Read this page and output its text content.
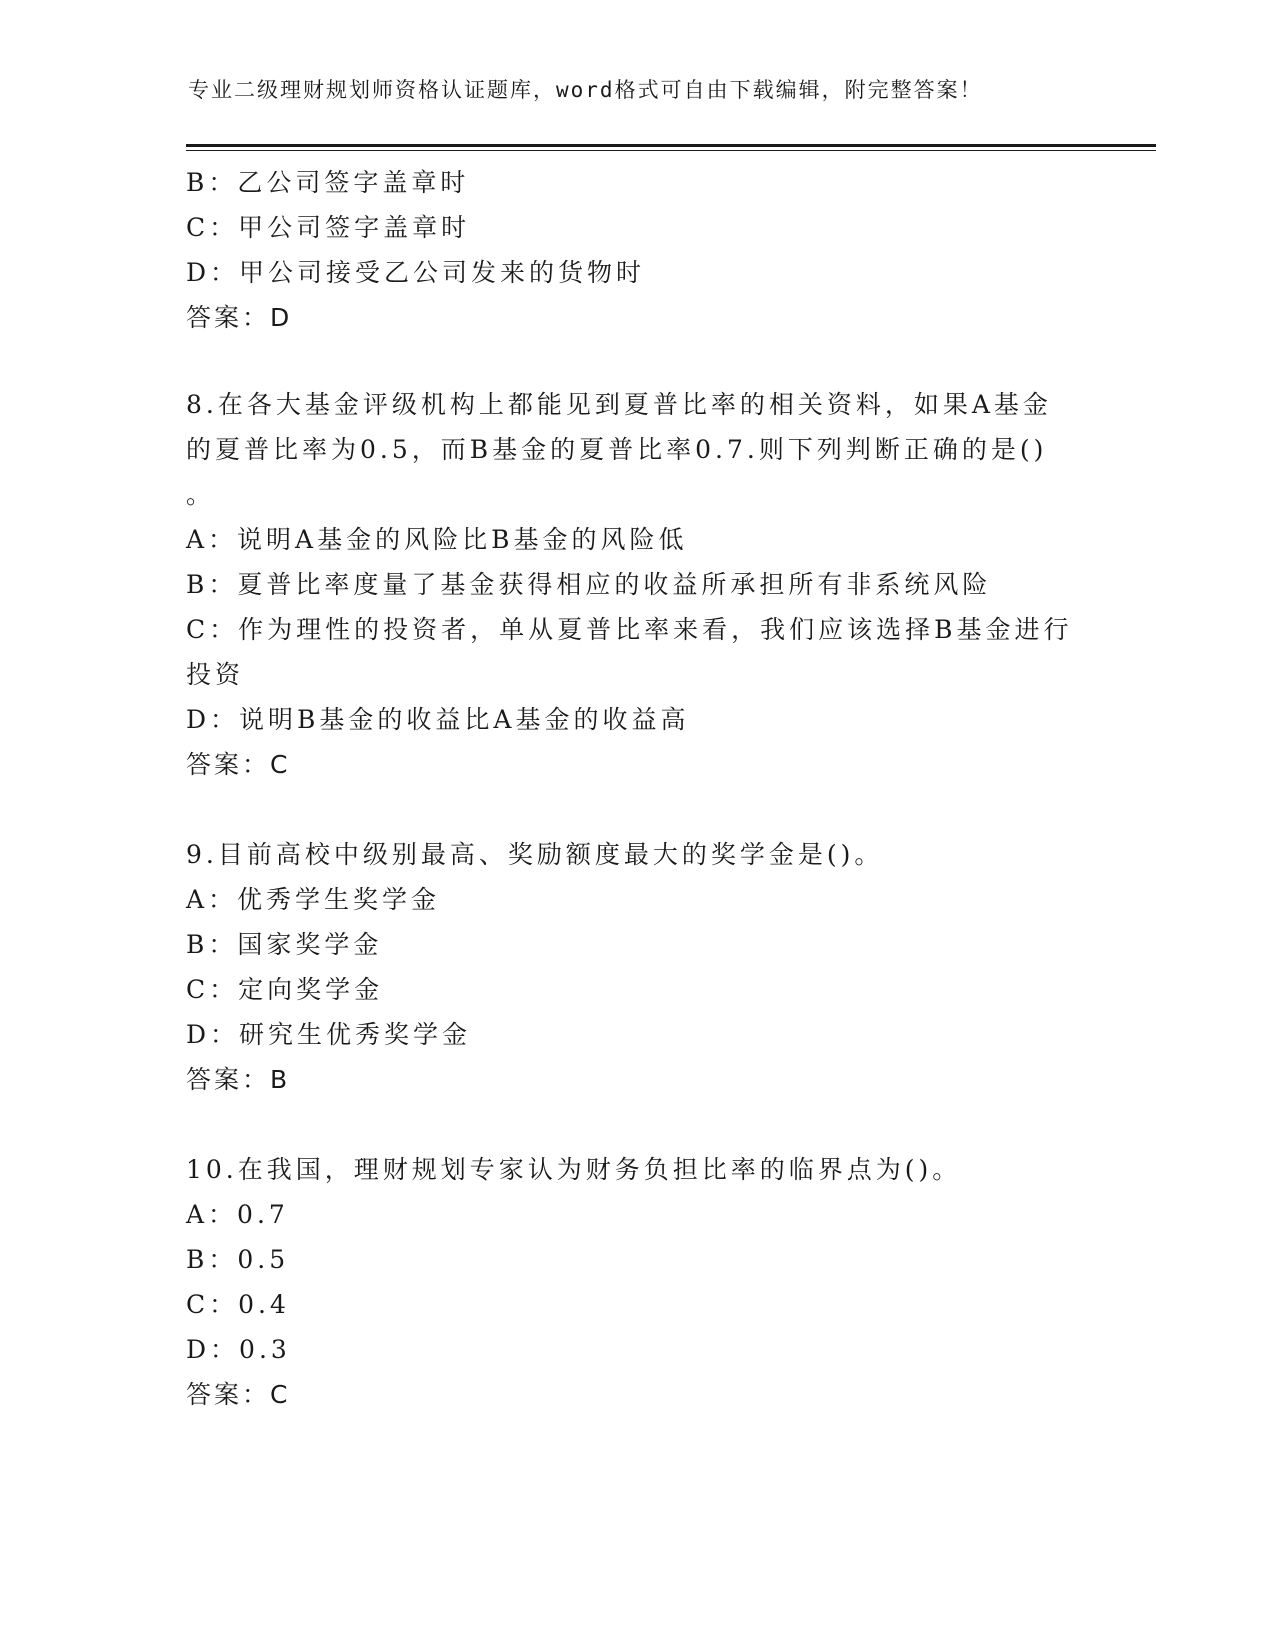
专业二级理财规划师资格认证题库，word格式可自由下载编辑，附完整答案！
B：乙公司签字盖章时
C：甲公司签字盖章时
D：甲公司接受乙公司发来的货物时
答案：D
8.在各大基金评级机构上都能见到夏普比率的相关资料，如果A基金
的夏普比率为0.5，而B基金的夏普比率0.7.则下列判断正确的是()
。
A：说明A基金的风险比B基金的风险低
B：夏普比率度量了基金获得相应的收益所承担所有非系统风险
C：作为理性的投资者，单从夏普比率来看，我们应该选择B基金进行
投资
D：说明B基金的收益比A基金的收益高
答案：C
9.目前高校中级别最高、奖励额度最大的奖学金是()。
A：优秀学生奖学金
B：国家奖学金
C：定向奖学金
D：研究生优秀奖学金
答案：B
10.在我国，理财规划专家认为财务负担比率的临界点为()。
A：0.7
B：0.5
C：0.4
D：0.3
答案：C
